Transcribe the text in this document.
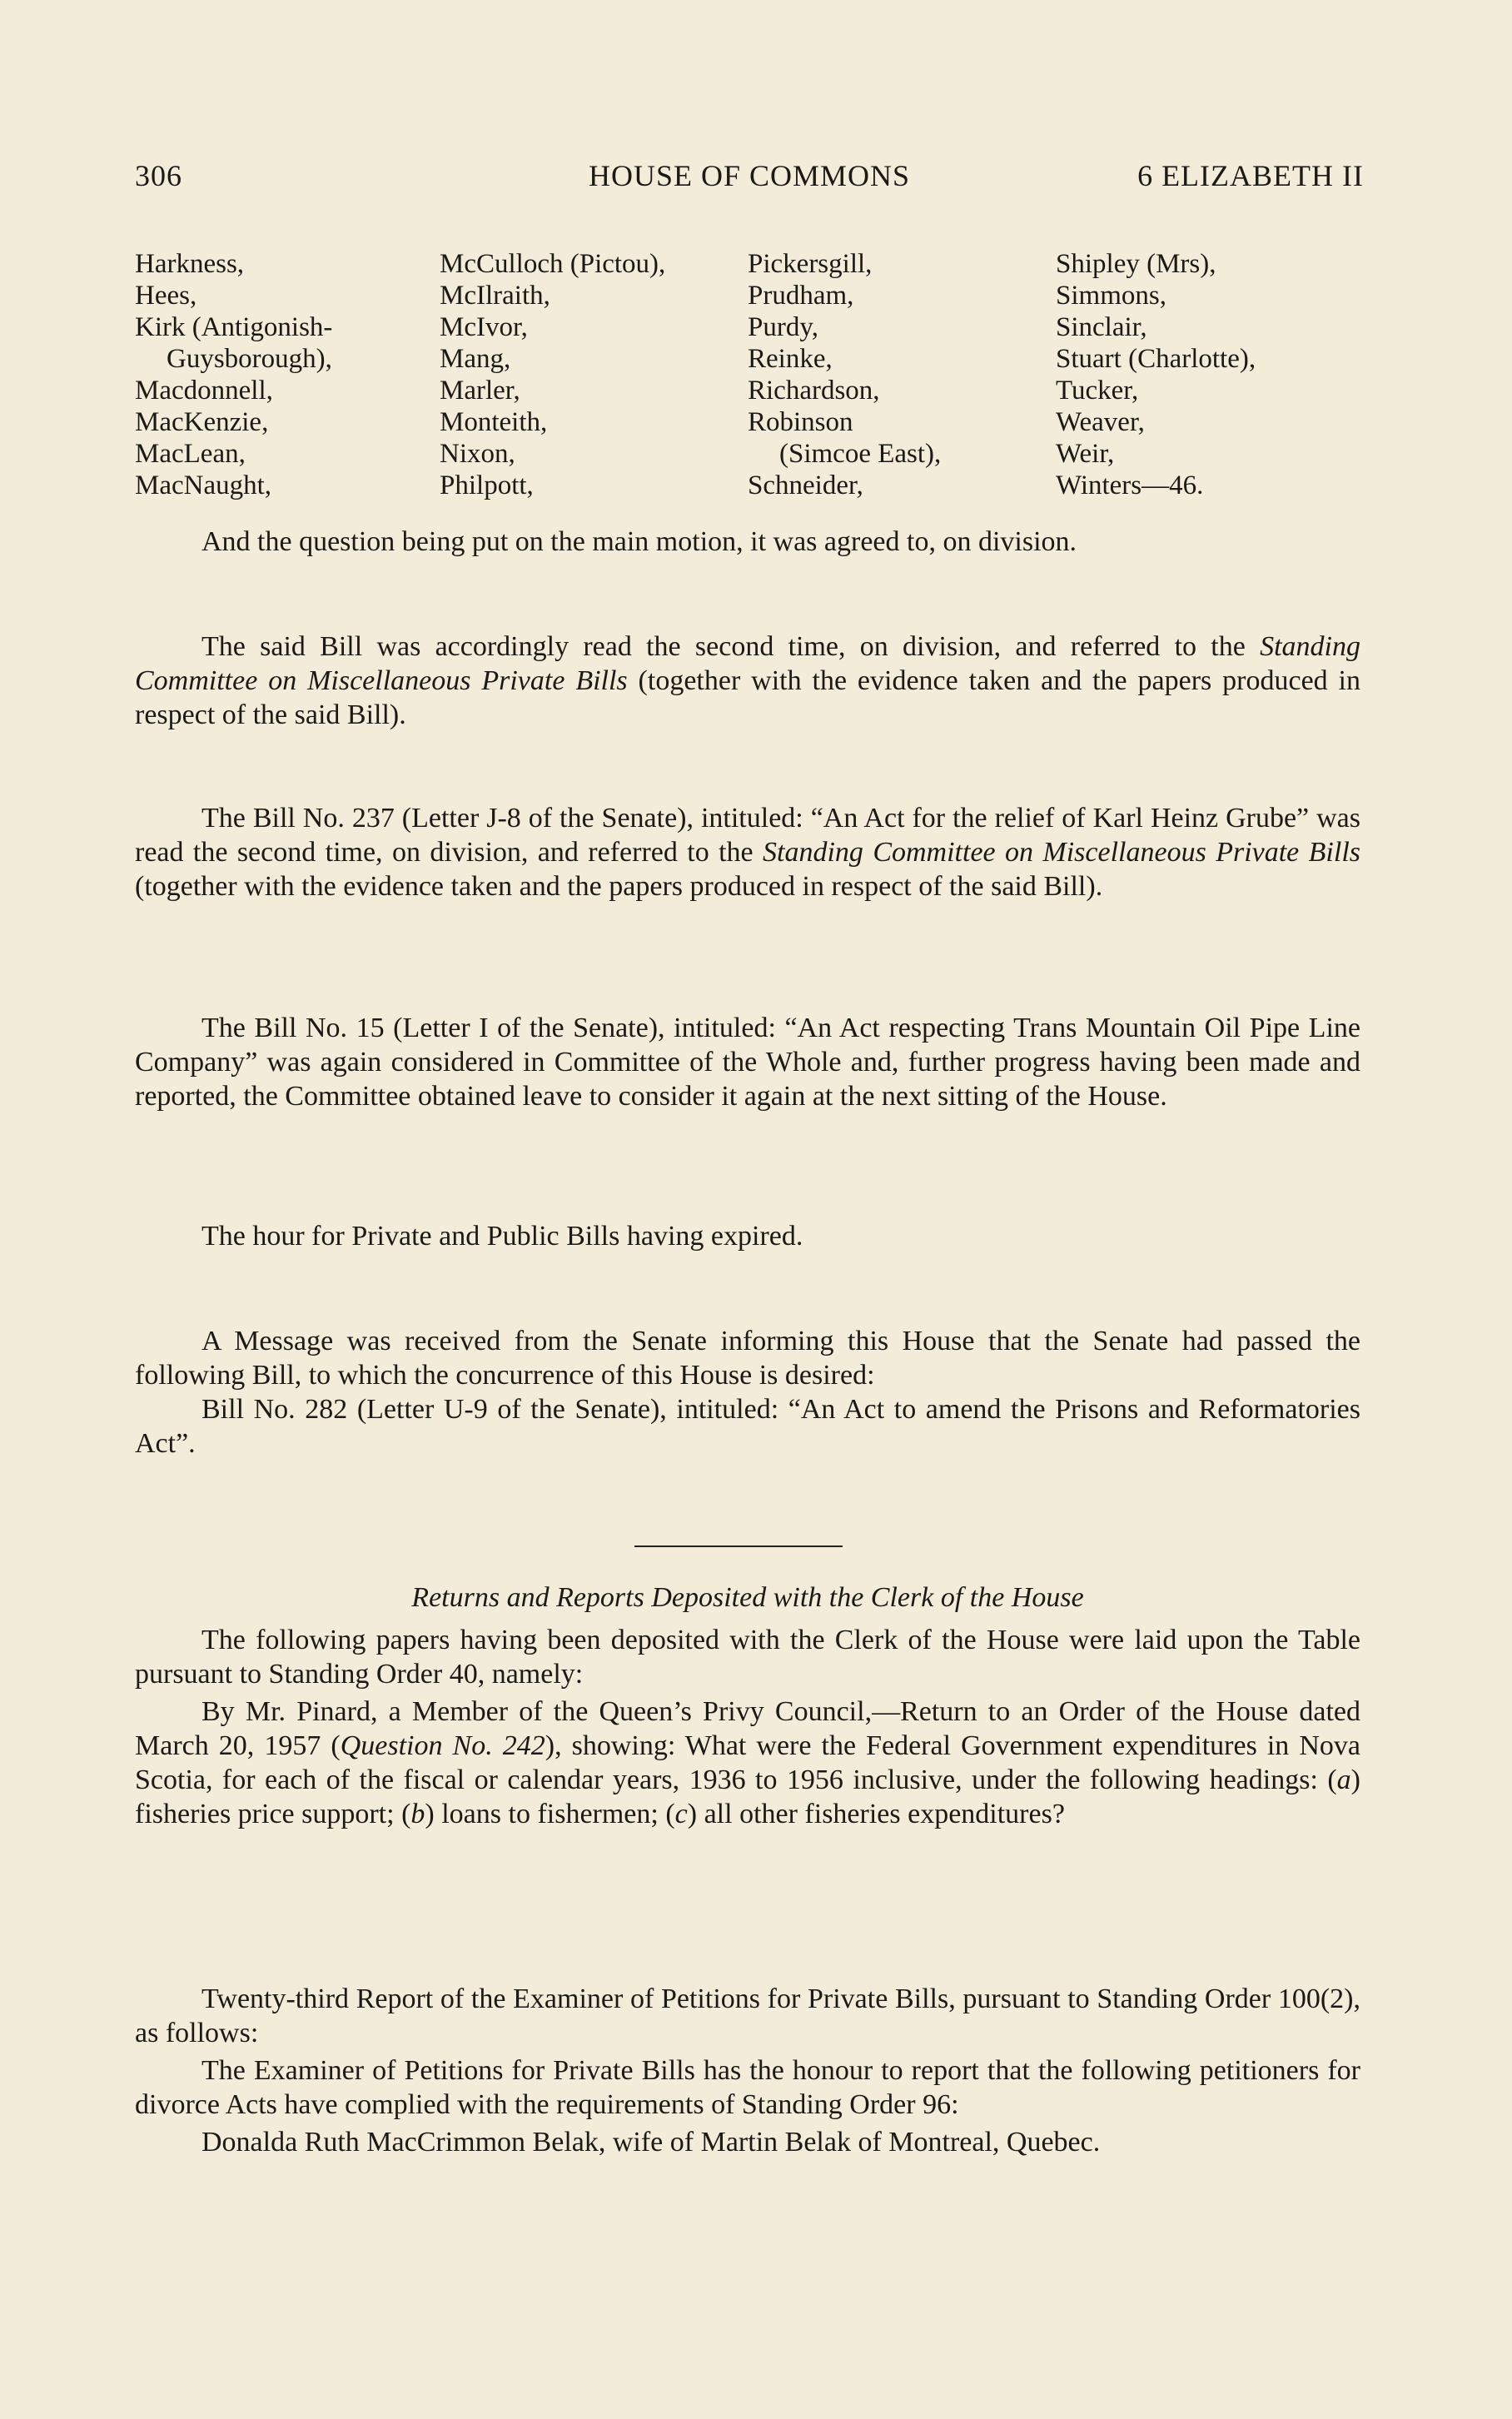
306	HOUSE OF COMMONS	6 ELIZABETH II
Harkness,
Hees,
Kirk (Antigonish-
Guysborough),
Macdonnell,
MacKenzie,
MacLean,
MacNaught,
McCulloch (Pictou),
McIlraith,
McIvor,
Mang,
Marler,
Monteith,
Nixon,
Philpott,
Pickersgill,
Prudham,
Purdy,
Reinke,
Richardson,
Robinson
(Simcoe East),
Schneider,
Shipley (Mrs),
Simmons,
Sinclair,
Stuart (Charlotte),
Tucker,
Weaver,
Weir,
Winters—46.

And the question being put on the main motion, it was agreed to, on division.

The said Bill was accordingly read the second time, on division, and referred to the Standing Committee on Miscellaneous Private Bills (together with the evidence taken and the papers produced in respect of the said Bill).

The Bill No. 237 (Letter J-8 of the Senate), intituled: “An Act for the relief of Karl Heinz Grube” was read the second time, on division, and referred to the Standing Committee on Miscellaneous Private Bills (together with the evidence taken and the papers produced in respect of the said Bill).

The Bill No. 15 (Letter I of the Senate), intituled: “An Act respecting Trans Mountain Oil Pipe Line Company” was again considered in Committee of the Whole and, further progress having been made and reported, the Committee obtained leave to consider it again at the next sitting of the House.

The hour for Private and Public Bills having expired.

A Message was received from the Senate informing this House that the Senate had passed the following Bill, to which the concurrence of this House is desired:

Bill No. 282 (Letter U-9 of the Senate), intituled: “An Act to amend the Prisons and Reformatories Act”.

Returns and Reports Deposited with the Clerk of the House

The following papers having been deposited with the Clerk of the House were laid upon the Table pursuant to Standing Order 40, namely:

By Mr. Pinard, a Member of the Queen’s Privy Council,—Return to an Order of the House dated March 20, 1957 (Question No. 242), showing: What were the Federal Government expenditures in Nova Scotia, for each of the fiscal or calendar years, 1936 to 1956 inclusive, under the following headings: (a) fisheries price support; (b) loans to fishermen; (c) all other fisheries expenditures?

Twenty-third Report of the Examiner of Petitions for Private Bills, pursuant to Standing Order 100(2), as follows:

The Examiner of Petitions for Private Bills has the honour to report that the following petitioners for divorce Acts have complied with the requirements of Standing Order 96:

Donalda Ruth MacCrimmon Belak, wife of Martin Belak of Montreal, Quebec.
